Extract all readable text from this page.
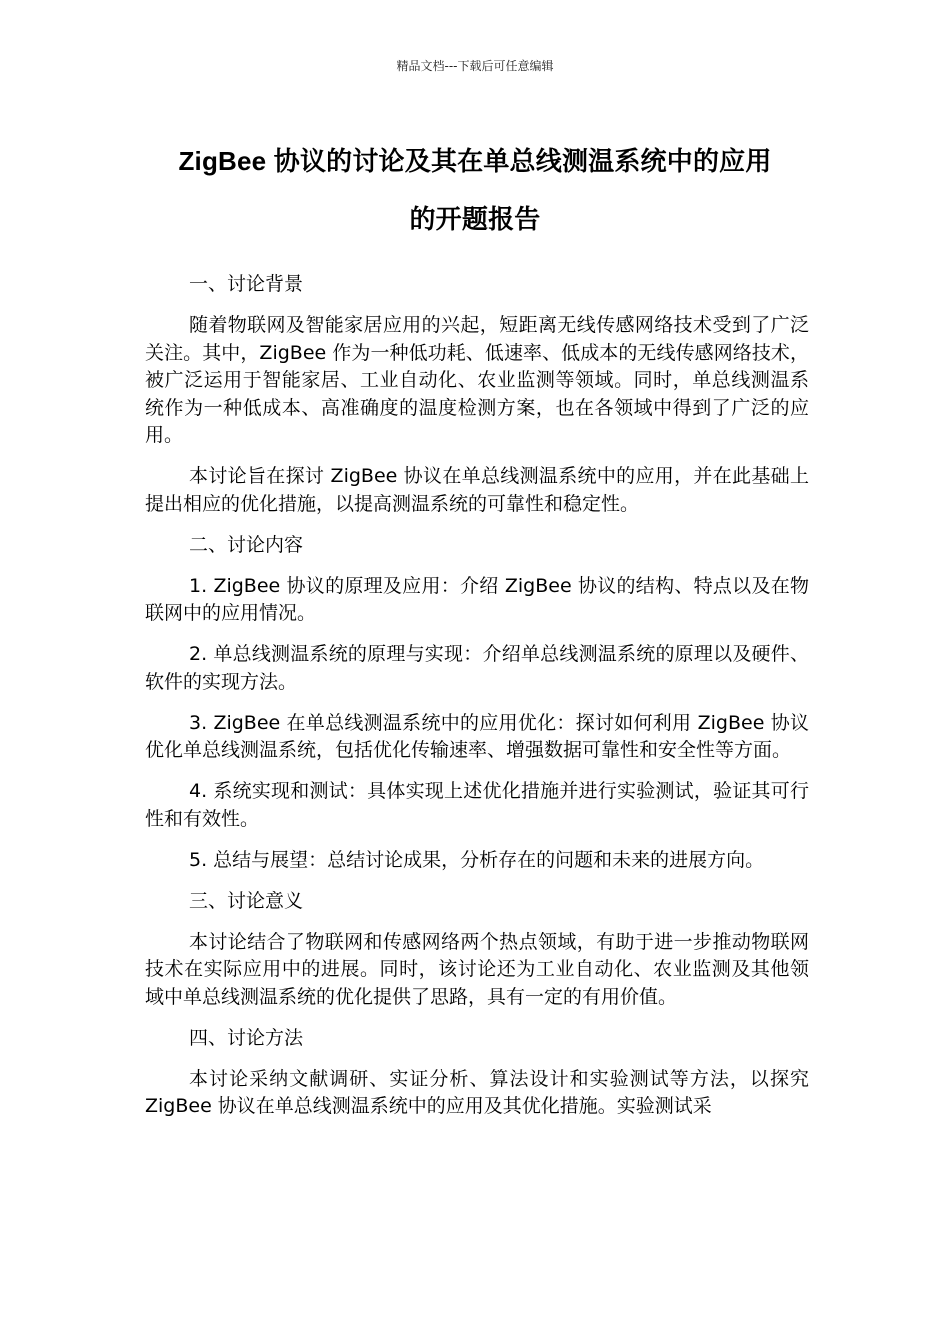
精品文档---下载后可任意编辑
ZigBee 协议的讨论及其在单总线测温系统中的应用
的开题报告

一、讨论背景

随着物联网及智能家居应用的兴起，短距离无线传感网络技术受到了广泛关注。其中，ZigBee 作为一种低功耗、低速率、低成本的无线传感网络技术，被广泛运用于智能家居、工业自动化、农业监测等领域。同时，单总线测温系统作为一种低成本、高准确度的温度检测方案，也在各领域中得到了广泛的应用。

本讨论旨在探讨 ZigBee 协议在单总线测温系统中的应用，并在此基础上提出相应的优化措施，以提高测温系统的可靠性和稳定性。

二、讨论内容

1. ZigBee 协议的原理及应用：介绍 ZigBee 协议的结构、特点以及在物联网中的应用情况。

2. 单总线测温系统的原理与实现：介绍单总线测温系统的原理以及硬件、软件的实现方法。

3. ZigBee 在单总线测温系统中的应用优化：探讨如何利用 ZigBee 协议优化单总线测温系统，包括优化传输速率、增强数据可靠性和安全性等方面。

4. 系统实现和测试：具体实现上述优化措施并进行实验测试，验证其可行性和有效性。

5. 总结与展望：总结讨论成果，分析存在的问题和未来的进展方向。

三、讨论意义

本讨论结合了物联网和传感网络两个热点领域，有助于进一步推动物联网技术在实际应用中的进展。同时，该讨论还为工业自动化、农业监测及其他领域中单总线测温系统的优化提供了思路，具有一定的有用价值。

四、讨论方法

本讨论采纳文献调研、实证分析、算法设计和实验测试等方法，以探究 ZigBee 协议在单总线测温系统中的应用及其优化措施。实验测试采
